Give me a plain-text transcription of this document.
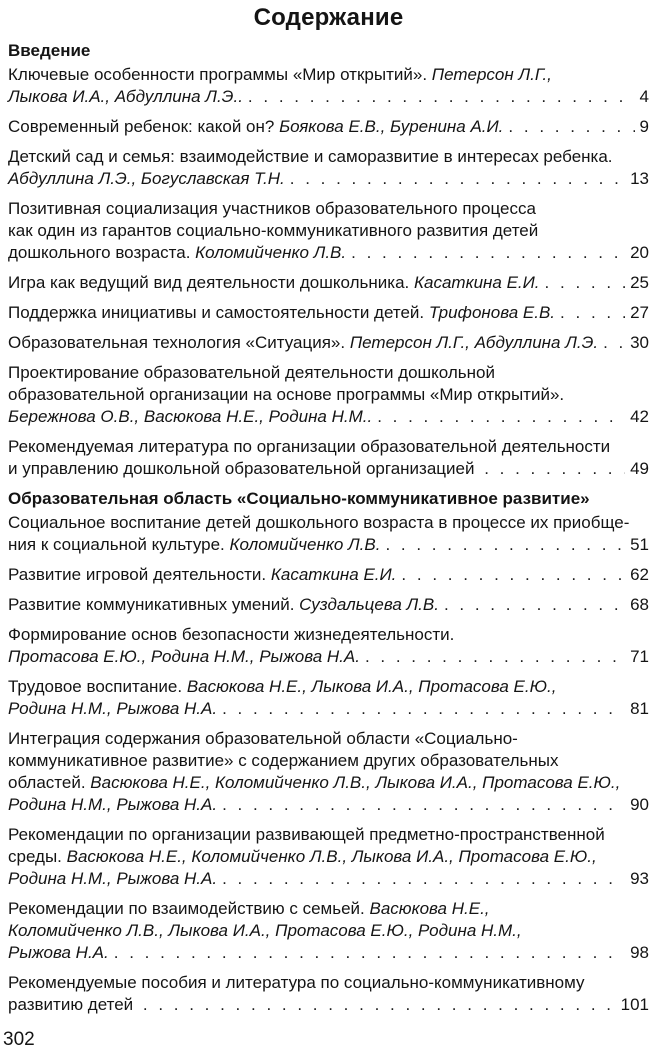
Содержание
Введение
Ключевые особенности программы «Мир открытий». Петерсон Л.Г.,
Лыкова И.А., Абдуллина Л.Э.. . . .	4
Современный ребенок: какой он? Боякова Е.В., Буренина А.И. . . .	9
Детский сад и семья: взаимодействие и саморазвитие в интересах ребенка.
Абдуллина Л.Э., Богуславская Т.Н. . . .	13
Позитивная социализация участников образовательного процесса
как один из гарантов социально-коммуникативного развития детей
дошкольного возраста. Коломийченко Л.В. . . .	20
Игра как ведущий вид деятельности дошкольника. Касаткина Е.И. . . .	25
Поддержка инициативы и самостоятельности детей. Трифонова Е.В. . . .	27
Образовательная технология «Ситуация». Петерсон Л.Г., Абдуллина Л.Э. . . . 30
Проектирование образовательной деятельности дошкольной
образовательной организации на основе программы «Мир открытий».
Бережнова О.В., Васюкова Н.Е., Родина Н.М.. . . .	42
Рекомендуемая литература по организации образовательной деятельности
и управлению дошкольной образовательной организацией . . .	49
Образовательная область «Социально-коммуникативное развитие»
Социальное воспитание детей дошкольного возраста в процессе их приобще-
ния к социальной культуре. Коломийченко Л.В. . . .	51
Развитие игровой деятельности. Касаткина Е.И. . . .	62
Развитие коммуникативных умений. Суздальцева Л.В. . . .	68
Формирование основ безопасности жизнедеятельности.
Протасова Е.Ю., Родина Н.М., Рыжова Н.А. . . .	71
Трудовое воспитание. Васюкова Н.Е., Лыкова И.А., Протасова Е.Ю.,
Родина Н.М., Рыжова Н.А. . . .	81
Интеграция содержания образовательной области «Социально-
коммуникативное развитие» с содержанием других образовательных
областей. Васюкова Н.Е., Коломийченко Л.В., Лыкова И.А., Протасова Е.Ю.,
Родина Н.М., Рыжова Н.А. . . .	90
Рекомендации по организации развивающей предметно-пространственной
среды. Васюкова Н.Е., Коломийченко Л.В., Лыкова И.А., Протасова Е.Ю.,
Родина Н.М., Рыжова Н.А. . . .	93
Рекомендации по взаимодействию с семьей. Васюкова Н.Е.,
Коломийченко Л.В., Лыкова И.А., Протасова Е.Ю., Родина Н.М.,
Рыжова Н.А. . . .	98
Рекомендуемые пособия и литература по социально-коммуникативному
развитию детей . . .	101
302
